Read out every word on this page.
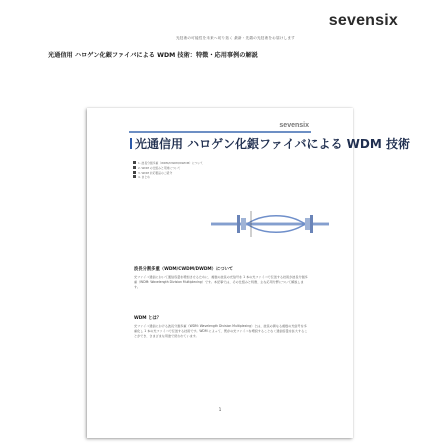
sevensix
光技術の可能性を未来へ切り拓く 最新・先端の光技術をお届けします
光通信用 ハロゲン化銀ファイバによる WDM 技術：特徴・応用事例の解説
sevensix
光通信用 ハロゲン化銀ファイバによる WDM 技術
1. 波長分割多重（WDM/CWDM/DWDM）について
2. WDM の仕組みと用途について
3. WDM 対応製品のご紹介
4. まとめ
波長分割多重（WDM/CWDM/DWDM）について
光ファイバ通信において通信容量を増加させるために、複数の波長の光信号を 1 本の光ファイバで伝送する技術が波長分割多重（WDM: Wavelength Division Multiplexing）です。本記事では、その仕組みと特徴、主な応用分野について解説します。
WDM とは？
光ファイバ通信における波長分割多重（WDM: Wavelength Division Multiplexing）とは、波長の異なる複数の光信号を多重化し 1 本の光ファイバで伝送する技術です。WDM によって、既存の光ファイバを増設することなく通信容量を拡大することができ、さまざまな用途で使われています。
1
